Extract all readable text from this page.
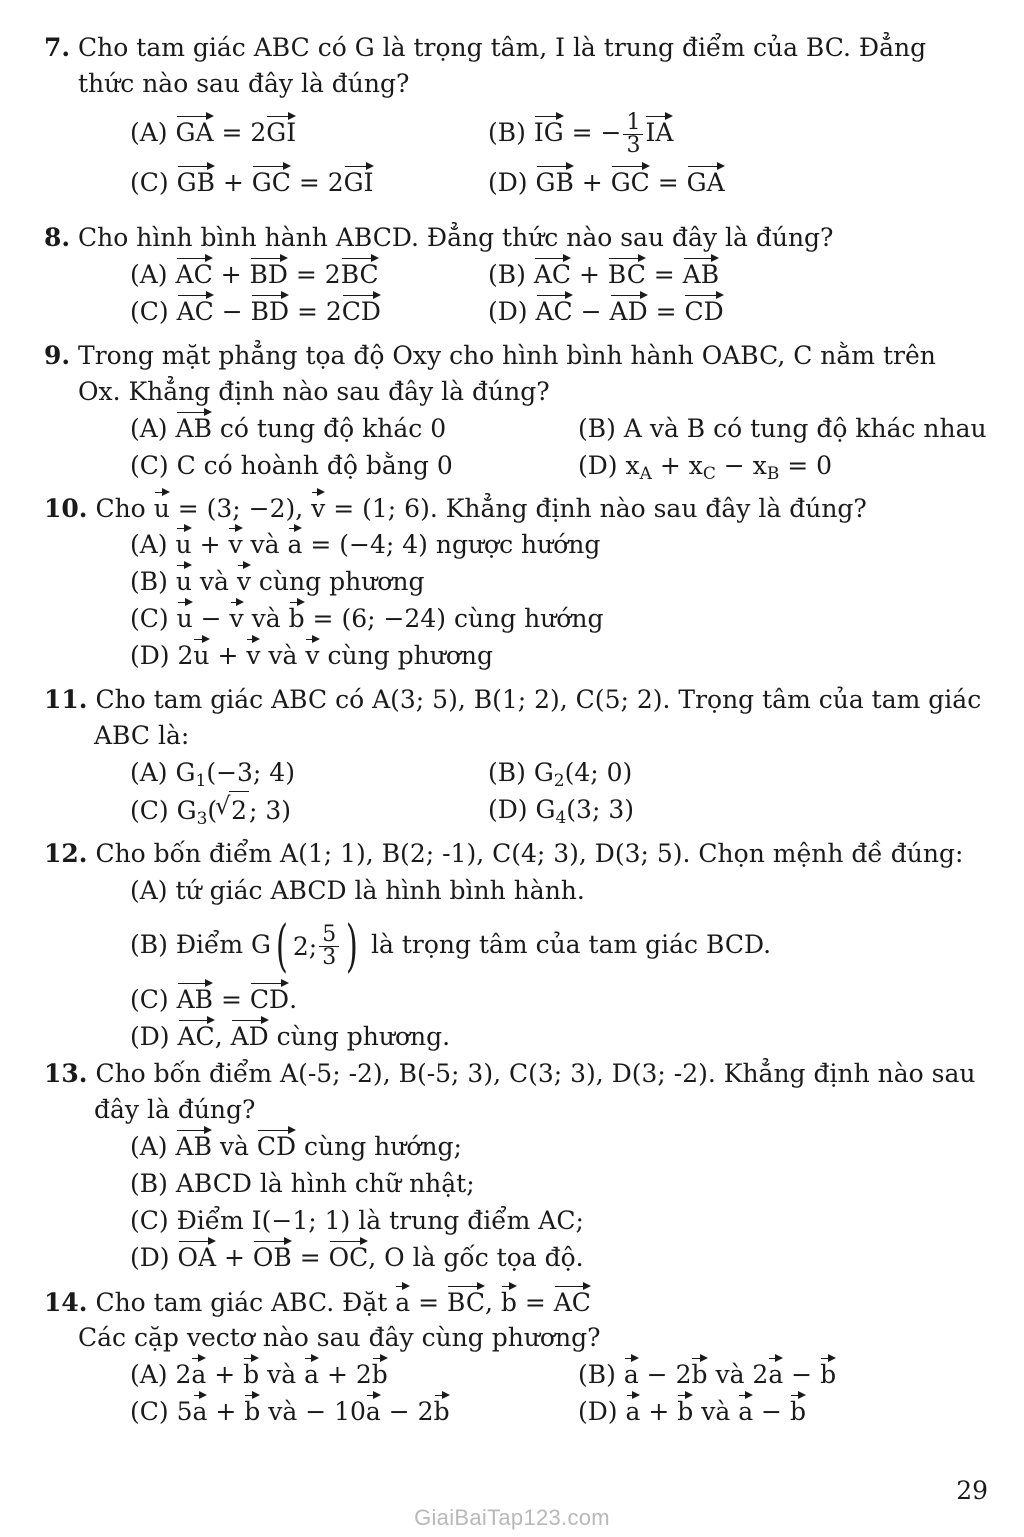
7. Cho tam giác ABC có G là trọng tâm, I là trung điểm của BC. Đẳng
thức nào sau đây là đúng?
(A) GA = 2GI	(B) IG = − $\frac{1}{3}$ IA
(C) GB + GC = 2GI	(D) GB + GC = GA
8. Cho hình bình hành ABCD. Đẳng thức nào sau đây là đúng?
(A) AC + BD = 2BC	(B) AC + BC = AB
(C) AC − BD = 2CD	(D) AC − AD = CD
9. Trong mặt phẳng tọa độ Oxy cho hình bình hành OABC, C nằm trên
Ox. Khẳng định nào sau đây là đúng?
(A) AB có tung độ khác 0	(B) A và B có tung độ khác nhau
(C) C có hoành độ bằng 0	(D) $x_A + x_C - x_B = 0$
10. Cho u = (3; −2), v = (1; 6). Khẳng định nào sau đây là đúng?
(A) u + v và a = (−4; 4) ngược hướng
(B) u và v cùng phương
(C) u − v và b = (6; −24) cùng hướng
(D) 2u + v và v cùng phương
11. Cho tam giác ABC có A(3; 5), B(1; 2), C(5; 2). Trọng tâm của tam giác
ABC là:
(A) $G_1(-3$; 4)	(B) $G_2(4$; 0)
(C) $G_3$(    √ 2; 3)	(D) $G_4(3$; 3)
12. Cho bốn điểm A(1; 1), B(2; -1), C(4; 3), D(3; 5). Chọn mệnh đề đúng:
(A) tứ giác ABCD là hình bình hành.
(B) Điểm G ( 2; $\frac{5}{3}$ ) là trọng tâm của tam giác BCD.
(C) AB = CD.
(D) AC, AD cùng phương.
13. Cho bốn điểm A(-5; -2), B(-5; 3), C(3; 3), D(3; -2). Khẳng định nào sau
đây là đúng?
(A) AB và CD cùng hướng;
(B) ABCD là hình chữ nhật;
(C) Điểm I(−1; 1) là trung điểm AC;
(D) OA + OB = OC, O là gốc tọa độ.
14. Cho tam giác ABC. Đặt a = BC, b = AC
Các cặp vectơ nào sau đây cùng phương?
(A) 2a + b và a + 2b	(B) a − 2b và 2a − b
(C) 5a + b và − 10a − 2b	(D) a + b và a − b
29
GiaiBaiTap123.com
